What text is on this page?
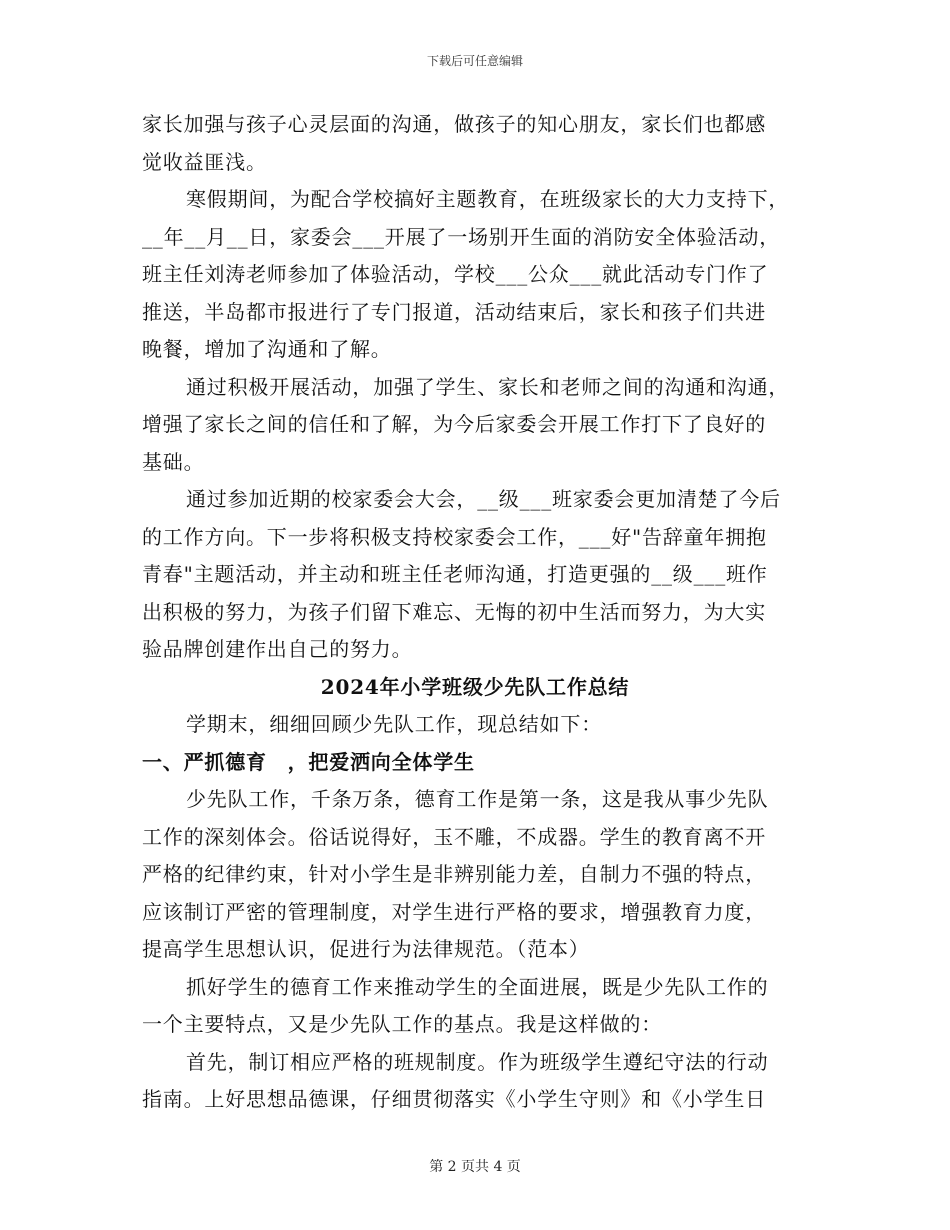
下载后可任意编辑
家长加强与孩子心灵层面的沟通，做孩子的知心朋友，家长们也都感
觉收益匪浅。
寒假期间，为配合学校搞好主题教育，在班级家长的大力支持下，
__年__月__日，家委会___开展了一场别开生面的消防安全体验活动，
班主任刘涛老师参加了体验活动，学校___公众___就此活动专门作了
推送，半岛都市报进行了专门报道，活动结束后，家长和孩子们共进
晚餐，增加了沟通和了解。
通过积极开展活动，加强了学生、家长和老师之间的沟通和沟通，
增强了家长之间的信任和了解，为今后家委会开展工作打下了良好的
基础。
通过参加近期的校家委会大会，__级___班家委会更加清楚了今后
的工作方向。下一步将积极支持校家委会工作，___好"告辞童年拥抱
青春"主题活动，并主动和班主任老师沟通，打造更强的__级___班作
出积极的努力，为孩子们留下难忘、无悔的初中生活而努力，为大实
验品牌创建作出自己的努力。
2024年小学班级少先队工作总结
学期末，细细回顾少先队工作，现总结如下：
一、严抓德育　，把爱洒向全体学生
少先队工作，千条万条，德育工作是第一条，这是我从事少先队
工作的深刻体会。俗话说得好，玉不雕，不成器。学生的教育离不开
严格的纪律约束，针对小学生是非辨别能力差，自制力不强的特点，
应该制订严密的管理制度，对学生进行严格的要求，增强教育力度，
提高学生思想认识，促进行为法律规范。（范本）
抓好学生的德育工作来推动学生的全面进展，既是少先队工作的
一个主要特点，又是少先队工作的基点。我是这样做的：
首先，制订相应严格的班规制度。作为班级学生遵纪守法的行动
指南。上好思想品德课，仔细贯彻落实《小学生守则》和《小学生日
第 2 页共 4 页
